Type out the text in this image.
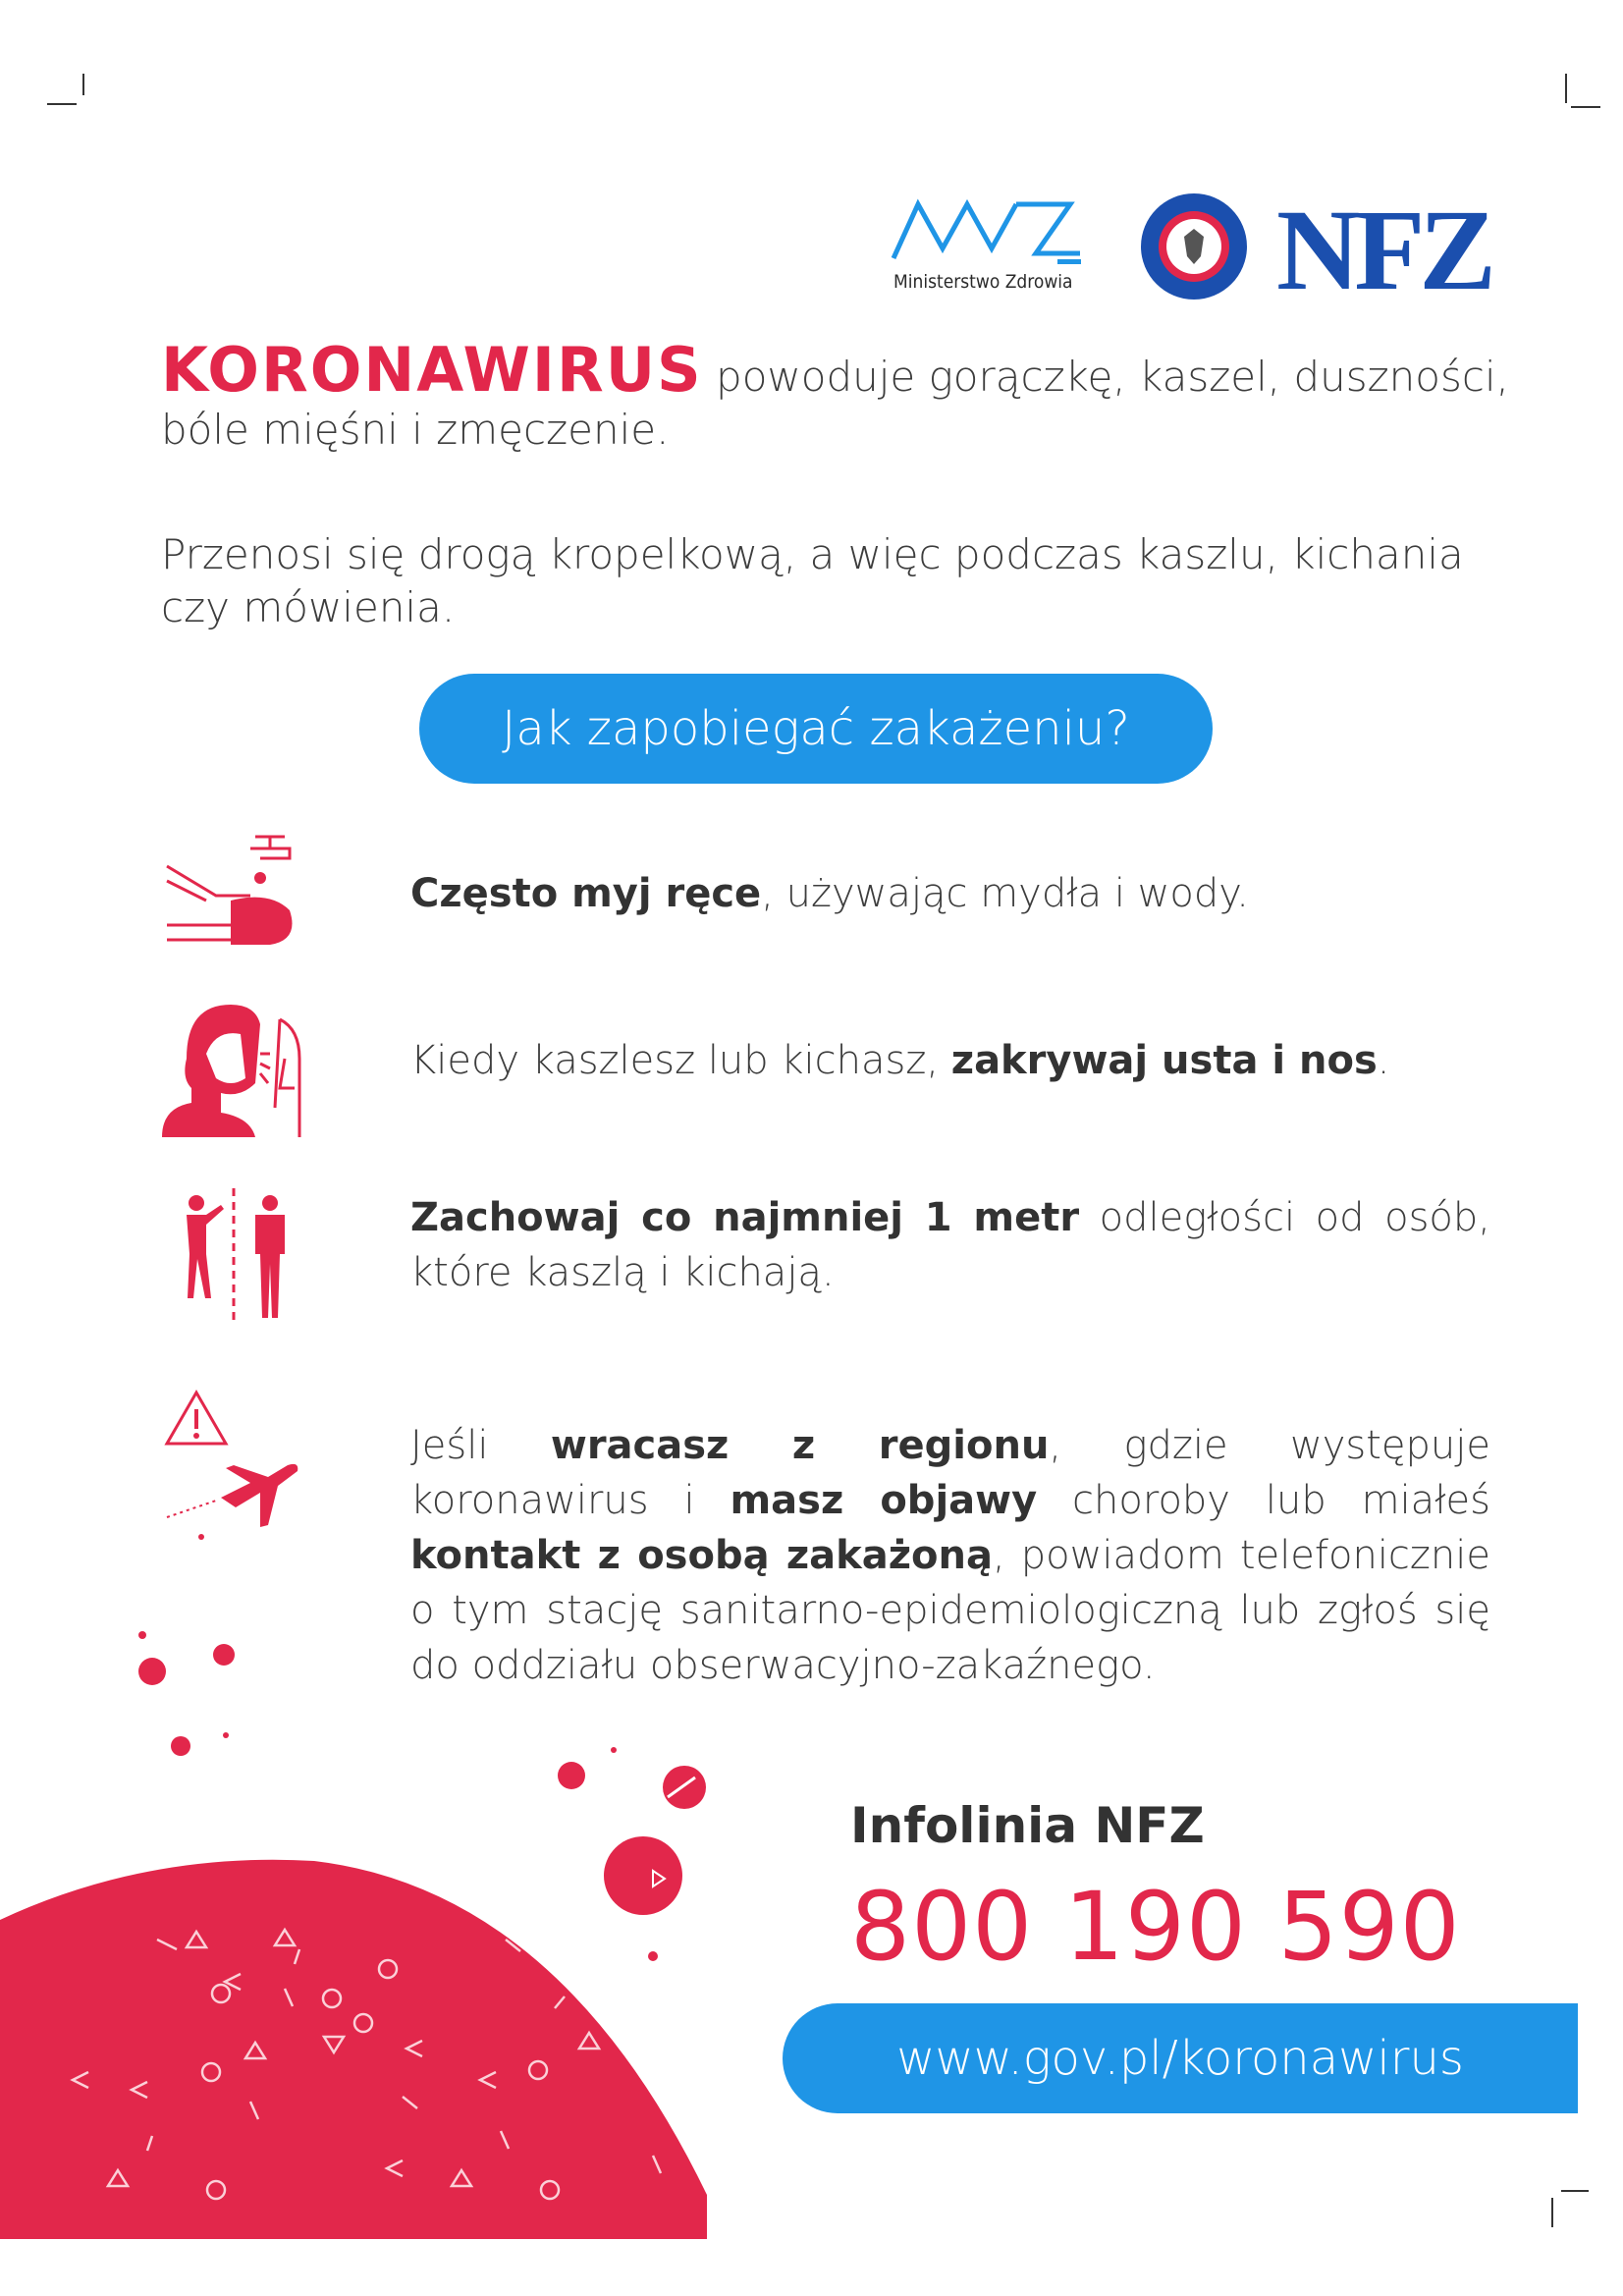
Ministerstwo Zdrowia NFZ
KORONAWIRUS powoduje gorączkę, kaszel, duszności, bóle mięśni i zmęczenie.
Przenosi się drogą kropelkową, a więc podczas kaszlu, kichania czy mówienia.
Jak zapobiegać zakażeniu?
Często myj ręce, używając mydła i wody.
Kiedy kaszlesz lub kichasz, zakrywaj usta i nos.
Zachowaj co najmniej 1 metr odległości od osób, które kaszlą i kichają.
Jeśli wracasz z regionu, gdzie występuje koronawirus i masz objawy choroby lub miałeś kontakt z osobą zakażoną, powiadom telefonicznie o tym stację sanitarno-epidemiologiczną lub zgłoś się do oddziału obserwacyjno-zakaźnego.
Infolinia NFZ
800 190 590
www.gov.pl/koronawirus
